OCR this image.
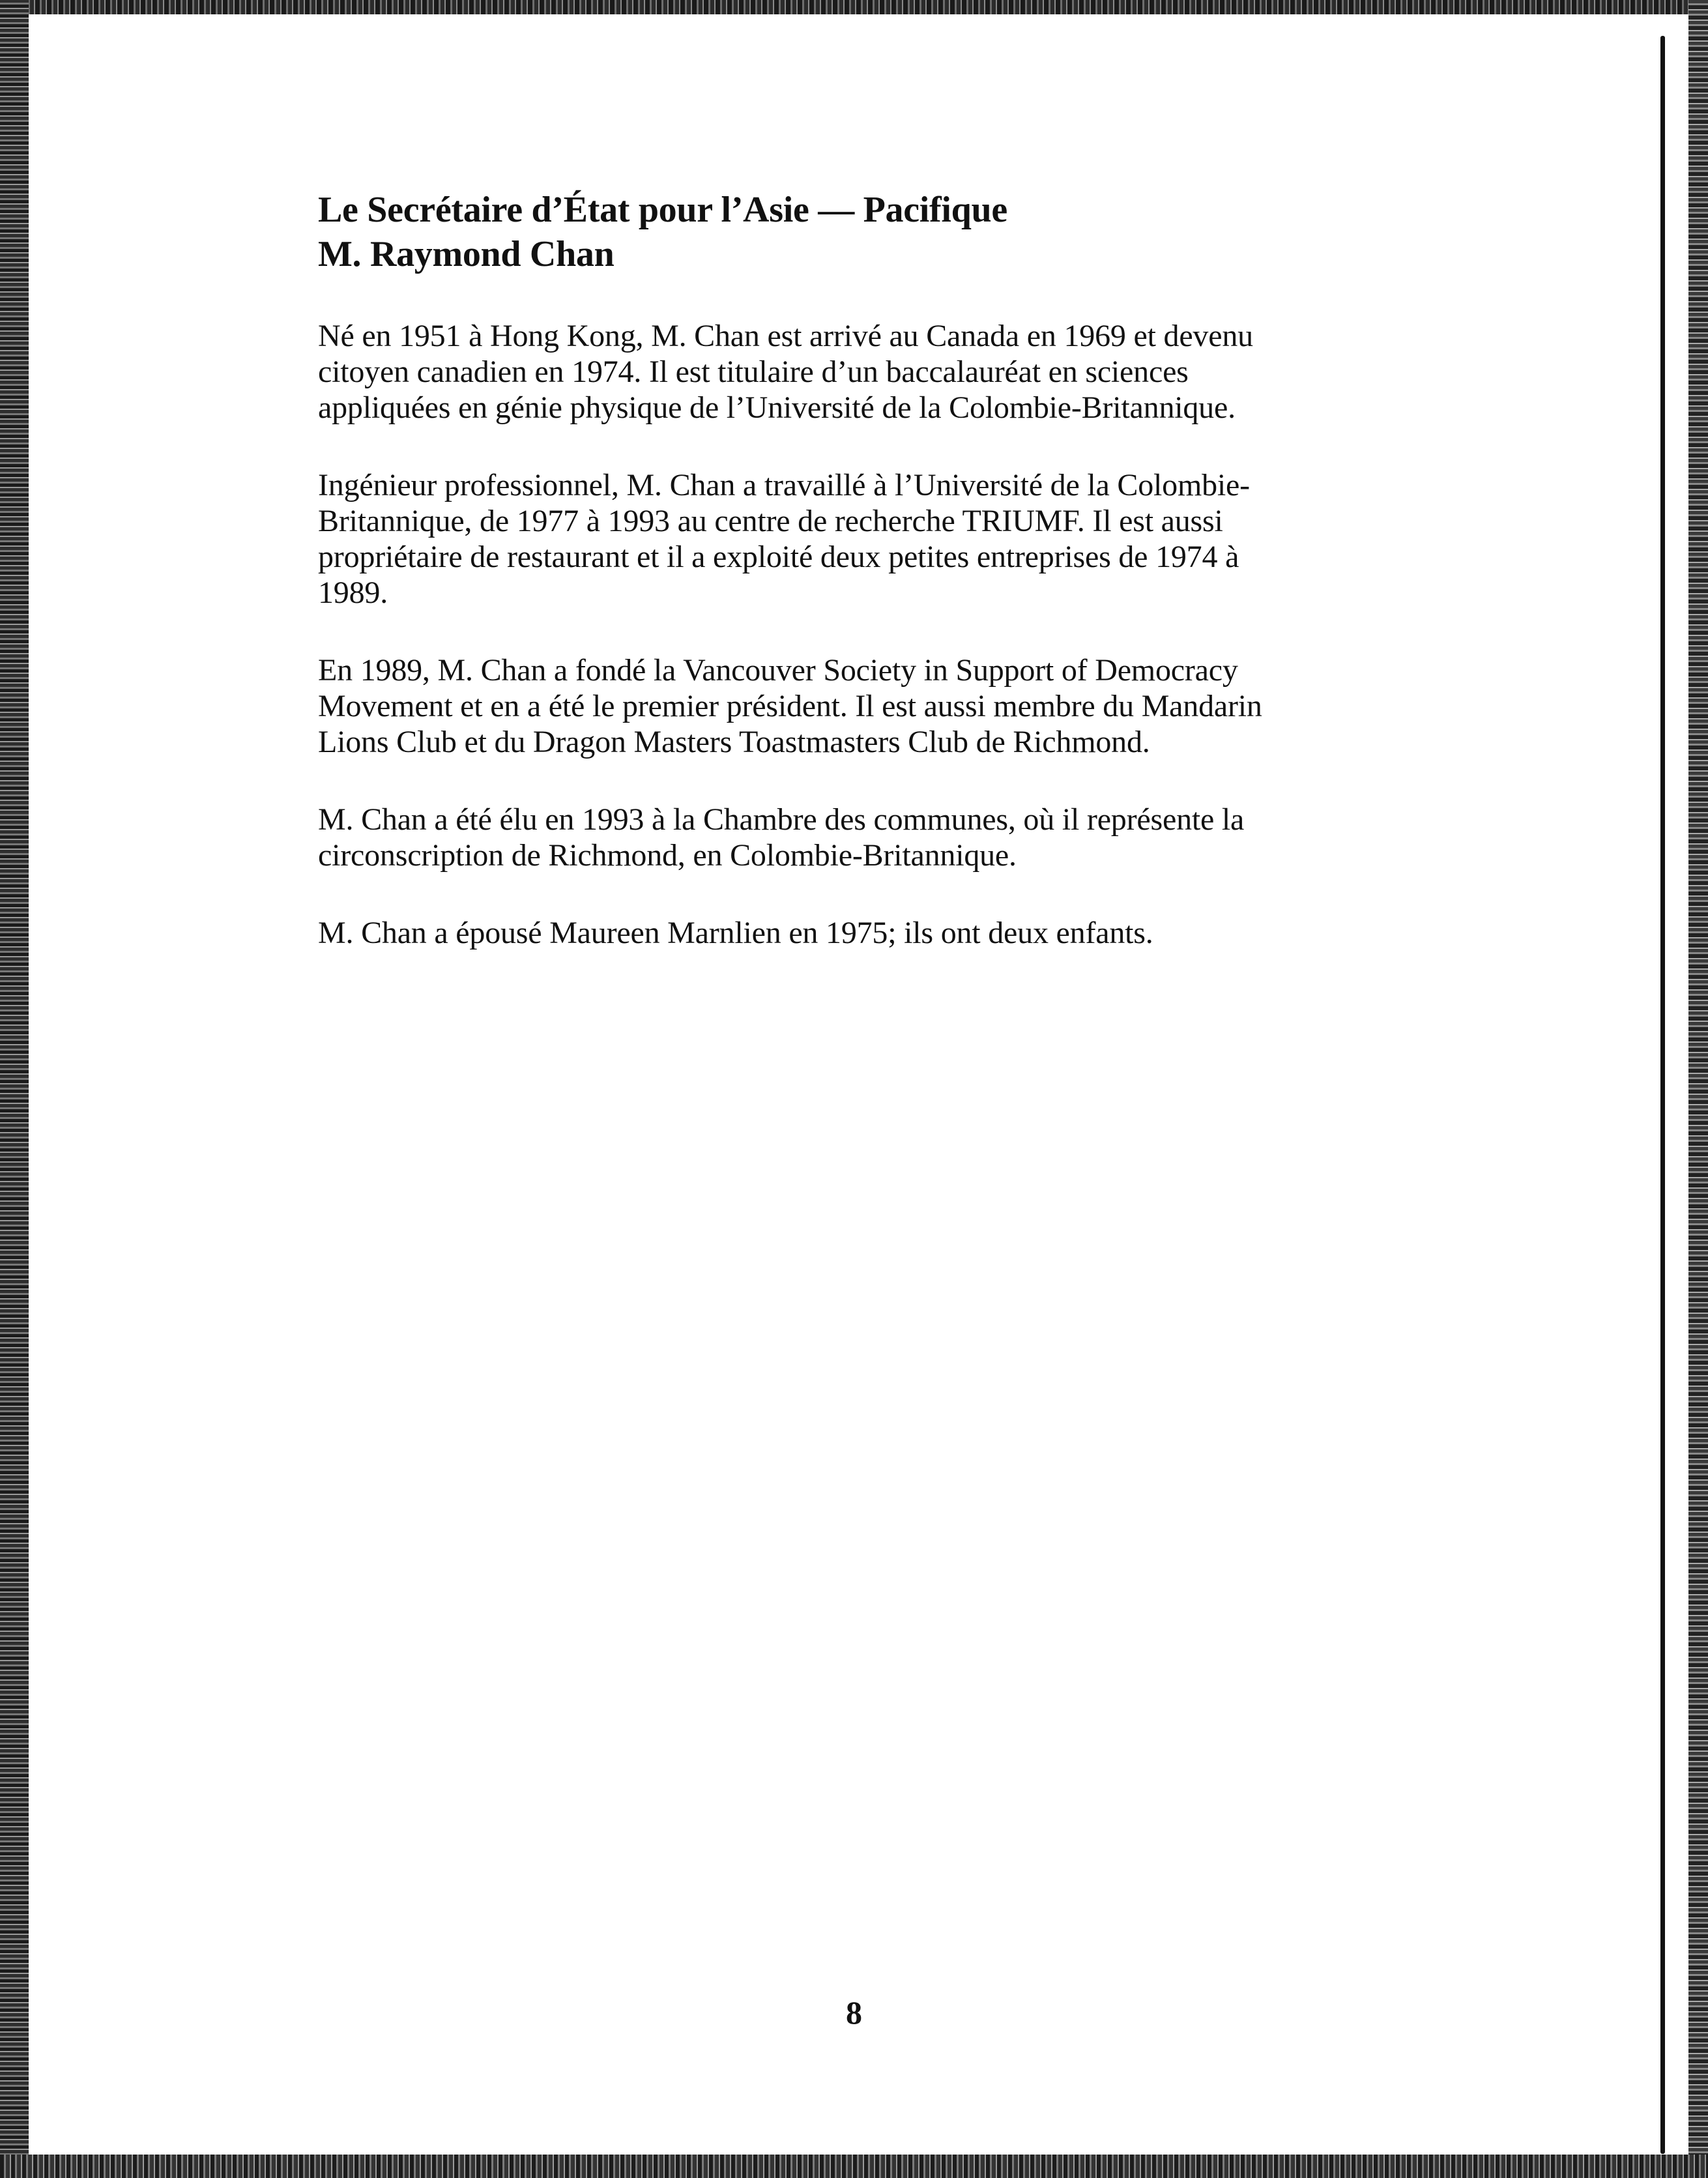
Le Secrétaire d’État pour l’Asie — Pacifique
M. Raymond Chan

Né en 1951 à Hong Kong, M. Chan est arrivé au Canada en 1969 et devenu
citoyen canadien en 1974. Il est titulaire d’un baccalauréat en sciences
appliquées en génie physique de l’Université de la Colombie-Britannique.

Ingénieur professionnel, M. Chan a travaillé à l’Université de la Colombie-
Britannique, de 1977 à 1993 au centre de recherche TRIUMF. Il est aussi
propriétaire de restaurant et il a exploité deux petites entreprises de 1974 à
1989.

En 1989, M. Chan a fondé la Vancouver Society in Support of Democracy
Movement et en a été le premier président. Il est aussi membre du Mandarin
Lions Club et du Dragon Masters Toastmasters Club de Richmond.

M. Chan a été élu en 1993 à la Chambre des communes, où il représente la
circonscription de Richmond, en Colombie-Britannique.

M. Chan a épousé Maureen Marnlien en 1975; ils ont deux enfants.

8
